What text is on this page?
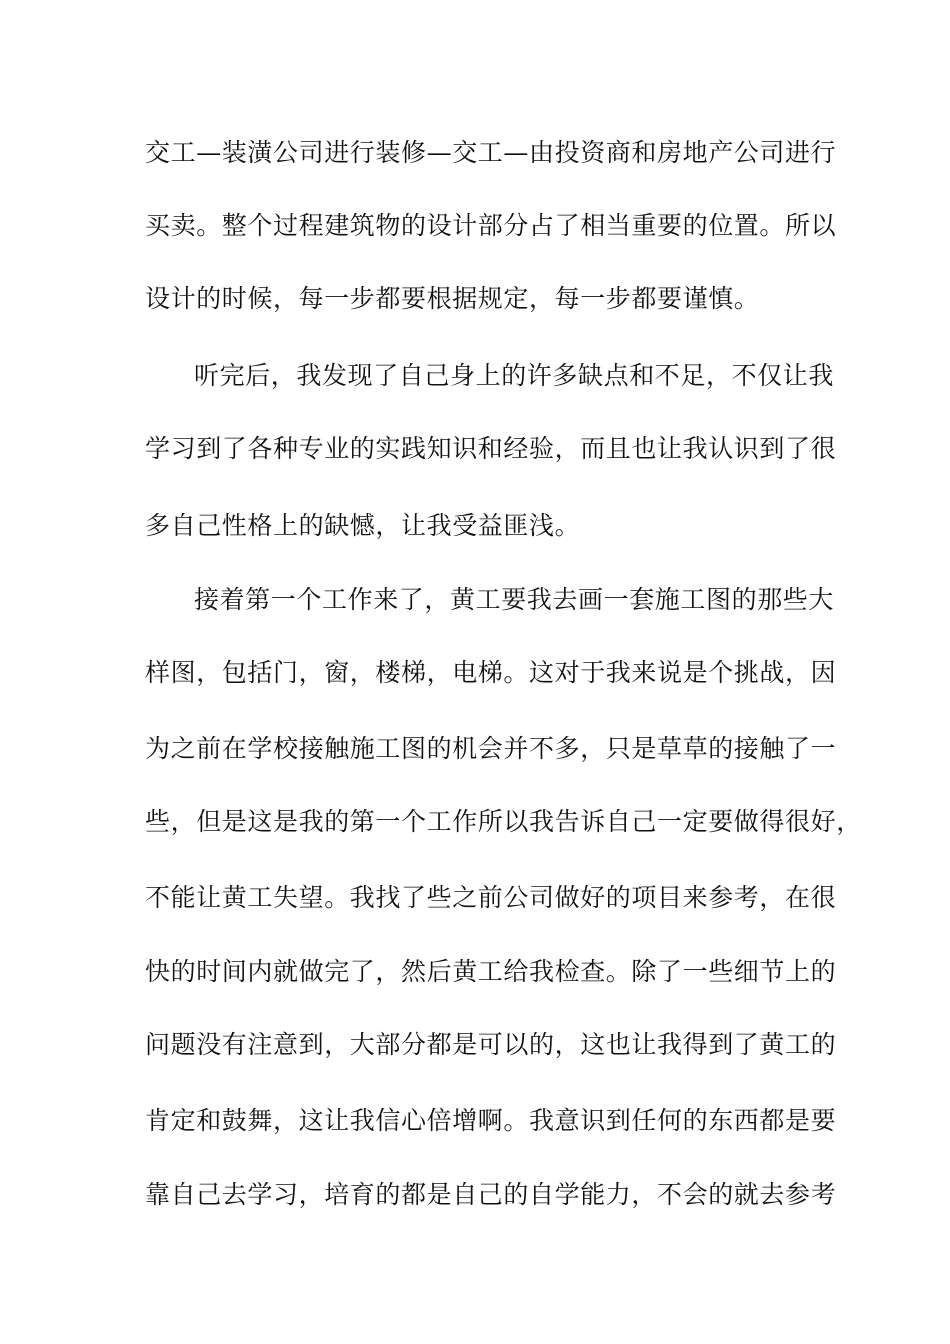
交工—装潢公司进行装修—交工—由投资商和房地产公司进行
买卖。整个过程建筑物的设计部分占了相当重要的位置。所以
设计的时候，每一步都要根据规定，每一步都要谨慎。
听完后，我发现了自己身上的许多缺点和不足，不仅让我
学习到了各种专业的实践知识和经验，而且也让我认识到了很
多自己性格上的缺憾，让我受益匪浅。
接着第一个工作来了，黄工要我去画一套施工图的那些大
样图，包括门，窗，楼梯，电梯。这对于我来说是个挑战，因
为之前在学校接触施工图的机会并不多，只是草草的接触了一
些，但是这是我的第一个工作所以我告诉自己一定要做得很好，
不能让黄工失望。我找了些之前公司做好的项目来参考，在很
快的时间内就做完了，然后黄工给我检查。除了一些细节上的
问题没有注意到，大部分都是可以的，这也让我得到了黄工的
肯定和鼓舞，这让我信心倍增啊。我意识到任何的东西都是要
靠自己去学习，培育的都是自己的自学能力，不会的就去参考
